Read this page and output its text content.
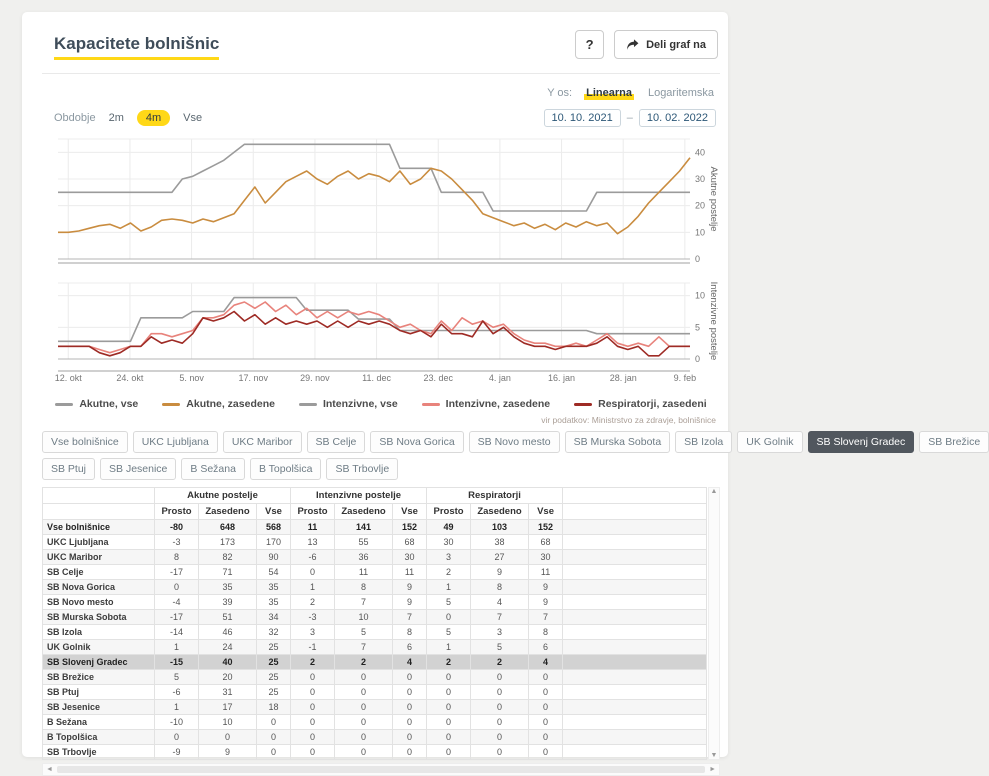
Kapacitete bolnišnic	?	Deli graf na
Y os: Linearna Logaritemska
Obdobje	2m	4m	Vse	10. 10. 2021	–	10. 02. 2022
0
10
20
30
40
Akutne postelje
0
5
10 Intenzivne postelje
12. okt	24. okt	5. nov	17. nov	29. nov	11. dec	23. dec	4. jan	16. jan	28. jan	9. feb
Akutne, vse	Akutne, zasedene	Intenzivne, vse	Intenzivne, zasedene	Respiratorji, zasedeni
vir podatkov: Ministrstvo za zdravje, bolnišnice
Vse bolnišnice	UKC Ljubljana	UKC Maribor	SB Celje	SB Nova Gorica	SB Novo mesto	SB Murska Sobota	SB Izola	UK Golnik	SB Slovenj Gradec	SB Brežice
SB Ptuj	SB Jesenice	B Sežana	B Topolšica	SB Trbovlje
	Akutne postelje			Intenzivne postelje			Respiratorji			
	Prosto	Zasedeno	Vse	Prosto	Zasedeno	Vse	Prosto	Zasedeno	Vse	
Vse bolnišnice	-80	648	568	11	141	152	49	103	152	
UKC Ljubljana	-3	173	170	13	55	68	30	38	68	
UKC Maribor	8	82	90	-6	36	30	3	27	30	
SB Celje	-17	71	54	0	11	11	2	9	11	
SB Nova Gorica	0	35	35	1	8	9	1	8	9	
SB Novo mesto	-4	39	35	2	7	9	5	4	9	
SB Murska Sobota	-17	51	34	-3	10	7	0	7	7	
SB Izola	-14	46	32	3	5	8	5	3	8	
UK Golnik	1	24	25	-1	7	6	1	5	6	
SB Slovenj Gradec	-15	40	25	2	2	4	2	2	4	
SB Brežice	5	20	25	0	0	0	0	0	0	
SB Ptuj	-6	31	25	0	0	0	0	0	0	
SB Jesenice	1	17	18	0	0	0	0	0	0	
B Sežana	-10	10	0	0	0	0	0	0	0	
B Topolšica	0	0	0	0	0	0	0	0	0	
SB Trbovlje	-9	9	0	0	0	0	0	0	0	
▲
▼
◄	►
